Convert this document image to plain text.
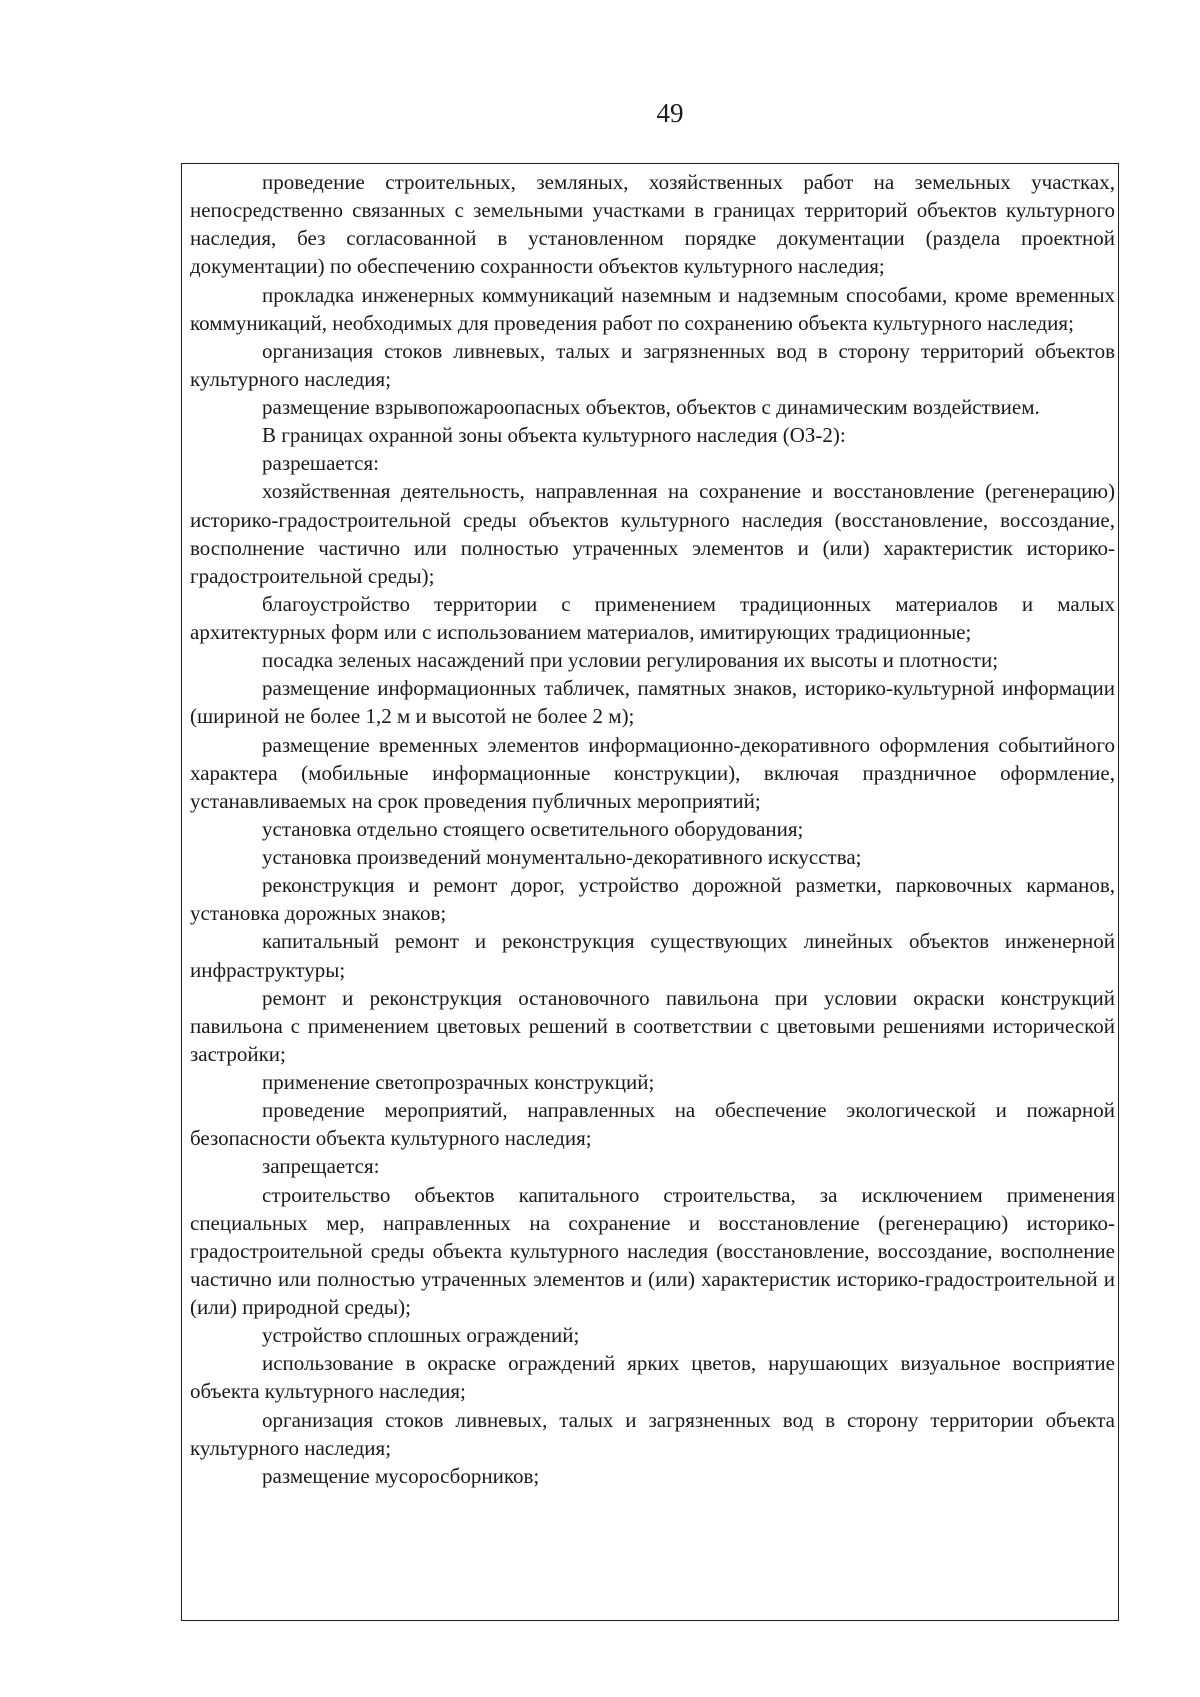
49

проведение строительных, земляных, хозяйственных работ на земельных участках, непосредственно связанных с земельными участками в границах территорий объектов культурного наследия, без согласованной в установленном порядке документации (раздела проектной документации) по обеспечению сохранности объектов культурного наследия;

прокладка инженерных коммуникаций наземным и надземным способами, кроме временных коммуникаций, необходимых для проведения работ по сохранению объекта культурного наследия;

организация стоков ливневых, талых и загрязненных вод в сторону территорий объектов культурного наследия;

размещение взрывопожароопасных объектов, объектов с динамическим воздействием.

В границах охранной зоны объекта культурного наследия (ОЗ-2):

разрешается:

хозяйственная деятельность, направленная на сохранение и восстановление (регенерацию) историко-градостроительной среды объектов культурного наследия (восстановление, воссоздание, восполнение частично или полностью утраченных элементов и (или) характеристик историко-градостроительной среды);

благоустройство территории с применением традиционных материалов и малых архитектурных форм или с использованием материалов, имитирующих традиционные;

посадка зеленых насаждений при условии регулирования их высоты и плотности;

размещение информационных табличек, памятных знаков, историко-культурной информации (шириной не более 1,2 м и высотой не более 2 м);

размещение временных элементов информационно-декоративного оформления событийного характера (мобильные информационные конструкции), включая праздничное оформление, устанавливаемых на срок проведения публичных мероприятий;

установка отдельно стоящего осветительного оборудования;

установка произведений монументально-декоративного искусства;

реконструкция и ремонт дорог, устройство дорожной разметки, парковочных карманов, установка дорожных знаков;

капитальный ремонт и реконструкция существующих линейных объектов инженерной инфраструктуры;

ремонт и реконструкция остановочного павильона при условии окраски конструкций павильона с применением цветовых решений в соответствии с цветовыми решениями исторической застройки;

применение светопрозрачных конструкций;

проведение мероприятий, направленных на обеспечение экологической и пожарной безопасности объекта культурного наследия;

запрещается:

строительство объектов капитального строительства, за исключением применения специальных мер, направленных на сохранение и восстановление (регенерацию) историко-градостроительной среды объекта культурного наследия (восстановление, воссоздание, восполнение частично или полностью утраченных элементов и (или) характеристик историко-градостроительной и (или) природной среды);

устройство сплошных ограждений;

использование в окраске ограждений ярких цветов, нарушающих визуальное восприятие объекта культурного наследия;

организация стоков ливневых, талых и загрязненных вод в сторону территории объекта культурного наследия;

размещение мусоросборников;
